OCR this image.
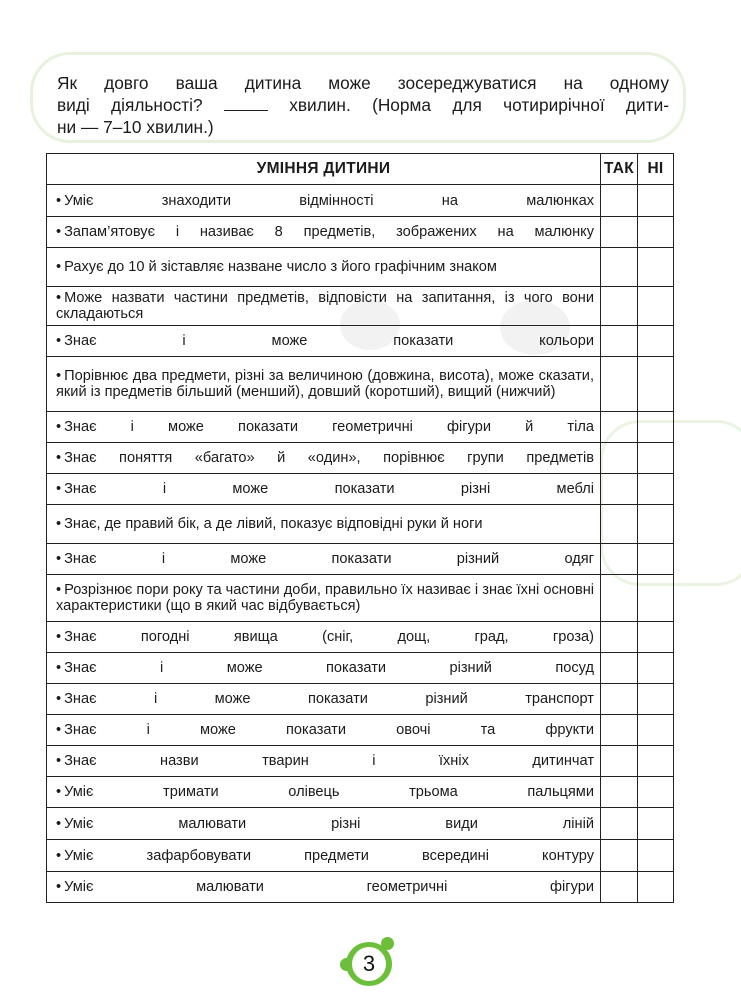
Як довго ваша дитина може зосереджуватися на одному
виді діяльності?	хвилин. (Норма для чотирирічної дити-
ни — 7–10 хвилин.)
УМІННЯ ДИТИНИ	ТАК	НІ
• Уміє знаходити відмінності на малюнках		
• Запам’ятовує і називає 8 предметів, зображених на малюнку		
• Рахує до 10 й зіставляє назване число з його графічним знаком		
• Може назвати частини предметів, відповісти на запитання, із чого вони складаються		
• Знає і може показати кольори		
• Порівнює два предмети, різні за величиною (довжина, висота), може сказати, який із предметів більший (менший), довший (коротший), вищий (нижчий)		
• Знає і може показати геометричні фігури й тіла		
• Знає поняття «багато» й «один», порівнює групи предметів		
• Знає і може показати різні меблі		
• Знає, де правий бік, а де лівий, показує відповідні руки й ноги		
• Знає і може показати різний одяг		
• Розрізнює пори року та частини доби, правильно їх називає і знає їхні основні характеристики (що в який час відбувається)		
• Знає погодні явища (сніг, дощ, град, гроза)		
• Знає і може показати різний посуд		
• Знає і може показати різний транспорт		
• Знає і може показати овочі та фрукти		
• Знає назви тварин і їхніх дитинчат		
• Уміє тримати олівець трьома пальцями		
• Уміє малювати різні види ліній		
• Уміє зафарбовувати предмети всередині контуру		
• Уміє малювати геометричні фігури		
3
